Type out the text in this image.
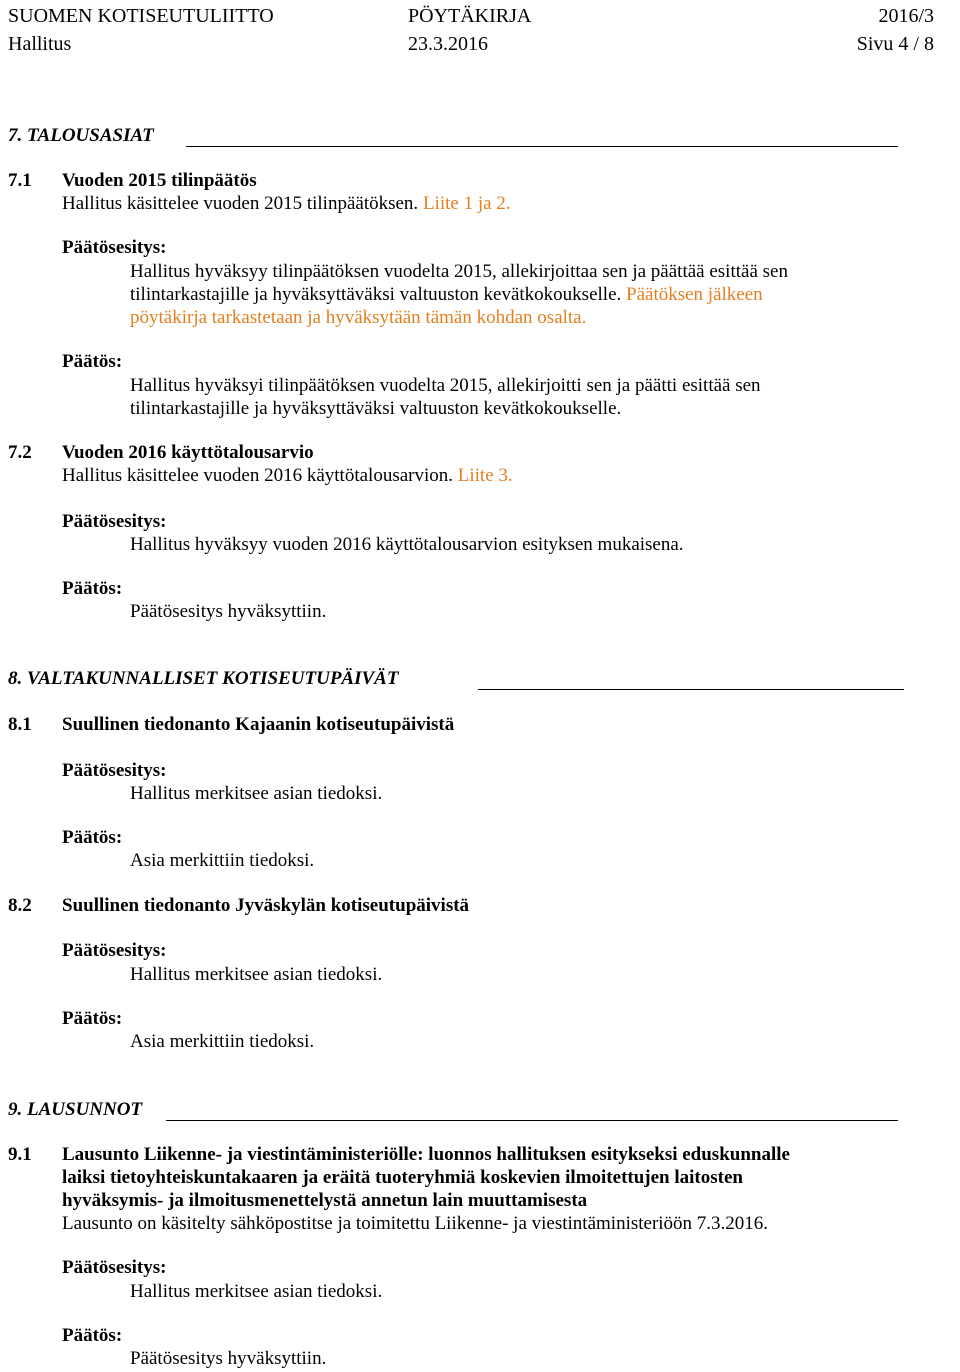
SUOMEN KOTISEUTULIITTO	PÖYTÄKIRJA	2016/3
Hallitus	23.3.2016	Sivu 4 / 8
7. TALOUSASIAT
7.1 Vuoden 2015 tilinpäätös
Hallitus käsittelee vuoden 2015 tilinpäätöksen. Liite 1 ja 2.
Päätösesitys:
Hallitus hyväksyy tilinpäätöksen vuodelta 2015, allekirjoittaa sen ja päättää esittää sen
tilintarkastajille ja hyväksyttäväksi valtuuston kevätkokoukselle. Päätöksen jälkeen
pöytäkirja tarkastetaan ja hyväksytään tämän kohdan osalta.
Päätös:
Hallitus hyväksyi tilinpäätöksen vuodelta 2015, allekirjoitti sen ja päätti esittää sen
tilintarkastajille ja hyväksyttäväksi valtuuston kevätkokoukselle.
7.2 Vuoden 2016 käyttötalousarvio
Hallitus käsittelee vuoden 2016 käyttötalousarvion. Liite 3.
Päätösesitys:
Hallitus hyväksyy vuoden 2016 käyttötalousarvion esityksen mukaisena.
Päätös:
Päätösesitys hyväksyttiin.
8. VALTAKUNNALLISET KOTISEUTUPÄIVÄT
8.1 Suullinen tiedonanto Kajaanin kotiseutupäivistä
Päätösesitys:
Hallitus merkitsee asian tiedoksi.
Päätös:
Asia merkittiin tiedoksi.
8.2 Suullinen tiedonanto Jyväskylän kotiseutupäivistä
Päätösesitys:
Hallitus merkitsee asian tiedoksi.
Päätös:
Asia merkittiin tiedoksi.
9. LAUSUNNOT
9.1 Lausunto Liikenne- ja viestintäministeriölle: luonnos hallituksen esitykseksi eduskunnalle
laiksi tietoyhteiskuntakaaren ja eräitä tuoteryhmiä koskevien ilmoitettujen laitosten
hyväksymis- ja ilmoitusmenettelystä annetun lain muuttamisesta
Lausunto on käsitelty sähköpostitse ja toimitettu Liikenne- ja viestintäministeriöön 7.3.2016.
Päätösesitys:
Hallitus merkitsee asian tiedoksi.
Päätös:
Päätösesitys hyväksyttiin.
